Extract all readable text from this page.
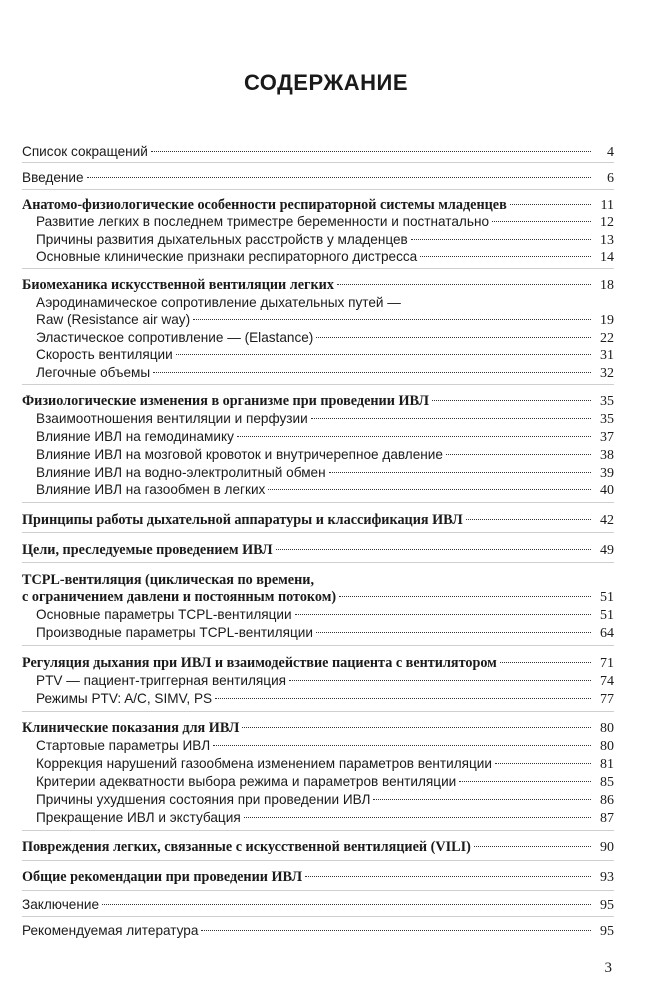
СОДЕРЖАНИЕ
Список сокращений	4
Введение	6
Анатомо-физиологические особенности респираторной системы младенцев	11
Развитие легких в последнем триместре беременности и постнатально	12
Причины развития дыхательных расстройств у младенцев	13
Основные клинические признаки респираторного дистресса	14
Биомеханика искусственной вентиляции легких	18
Аэродинамическое сопротивление дыхательных путей —
Raw (Resistance air way)	19
Эластическое сопротивление — (Elastance)	22
Скорость вентиляции	31
Легочные объемы	32
Физиологические изменения в организме при проведении ИВЛ	35
Взаимоотношения вентиляции и перфузии	35
Влияние ИВЛ на гемодинамику	37
Влияние ИВЛ на мозговой кровоток и внутричерепное давление	38
Влияние ИВЛ на водно-электролитный обмен	39
Влияние ИВЛ на газообмен в легких	40
Принципы работы дыхательной аппаратуры и классификация ИВЛ	42
Цели, преследуемые проведением ИВЛ	49
TCPL-вентиляция (циклическая по времени,
с ограничением давлени и постоянным потоком)	51
Основные параметры TCPL-вентиляции	51
Производные параметры TCPL-вентиляции	64
Регуляция дыхания при ИВЛ и взаимодействие пациента с вентилятором	71
PTV — пациент-триггерная вентиляция	74
Режимы PTV: A/C, SIMV, PS	77
Клинические показания для ИВЛ	80
Стартовые параметры ИВЛ	80
Коррекция нарушений газообмена изменением параметров вентиляции	81
Критерии адекватности выбора режима и параметров вентиляции	85
Причины ухудшения состояния при проведении ИВЛ	86
Прекращение ИВЛ и экстубация	87
Повреждения легких, связанные с искусственной вентиляцией (VILI)	90
Общие рекомендации при проведении ИВЛ	93
Заключение	95
Рекомендуемая литература	95
3
